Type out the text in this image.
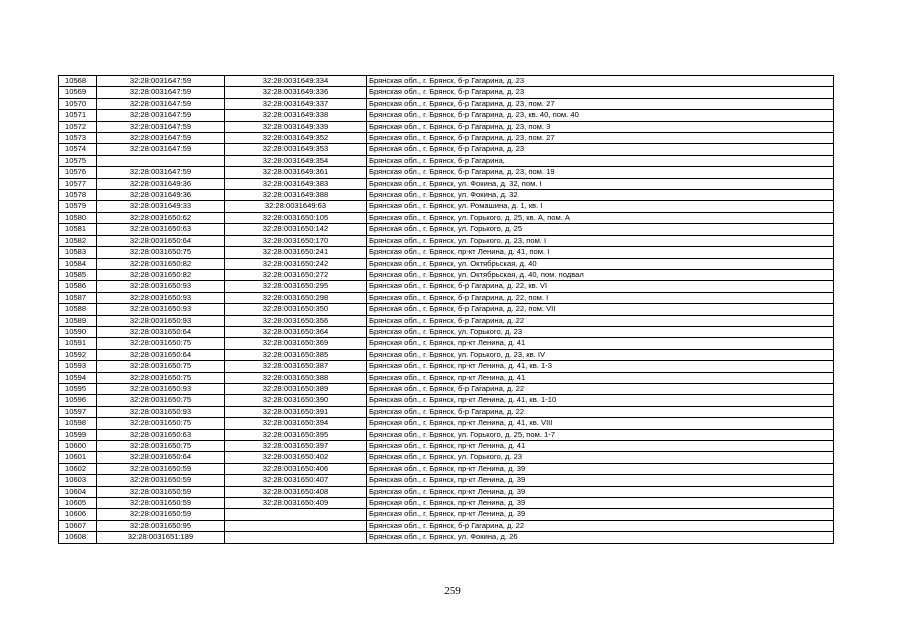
10568	32:28:0031647:59	32:28:0031649:334	Брянская обл., г. Брянск, б-р Гагарина, д. 23
10569	32:28:0031647:59	32:28:0031649:336	Брянская обл., г. Брянск, б-р Гагарина, д. 23
10570	32:28:0031647:59	32:28:0031649:337	Брянская обл., г. Брянск, б-р Гагарина, д. 23, пом. 27
10571	32:28:0031647:59	32:28:0031649:338	Брянская обл., г. Брянск, б-р Гагарина, д. 23, кв. 40, пом. 40
10572	32:28:0031647:59	32:28:0031649:339	Брянская обл., г. Брянск, б-р Гагарина, д. 23, пом. 3
10573	32:28:0031647:59	32:28:0031649:352	Брянская обл., г. Брянск, б-р Гагарина, д. 23, пом. 27
10574	32:28:0031647:59	32:28:0031649:353	Брянская обл., г. Брянск, б-р Гагарина, д. 23
10575		32:28:0031649:354	Брянская обл., г. Брянск, б-р Гагарина,
10576	32:28:0031647:59	32:28:0031649:361	Брянская обл., г. Брянск, б-р Гагарина, д. 23, пом. 19
10577	32:28:0031649:36	32:28:0031649:383	Брянская обл., г. Брянск, ул. Фокина, д. 32, пом. I
10578	32:28:0031649:36	32:28:0031649:388	Брянская обл., г. Брянск, ул. Фокина, д. 32
10579	32:28:0031649:33	32:28:0031649:63	Брянская обл., г. Брянск, ул. Ромашина, д. 1, кв. I
10580	32:28:0031650:62	32:28:0031650:105	Брянская обл., г. Брянск, ул. Горького, д. 25, кв. А, пом. А
10581	32:28:0031650:63	32:28:0031650:142	Брянская обл., г. Брянск, ул. Горького, д. 25
10582	32:28:0031650:64	32:28:0031650:170	Брянская обл., г. Брянск, ул. Горького, д. 23, пом. I
10583	32:28:0031650:75	32:28:0031650:241	Брянская обл., г. Брянск, пр-кт Ленина, д. 41, пом. I
10584	32:28:0031650:82	32:28:0031650:242	Брянская обл., г. Брянск, ул. Октябрьская, д. 40
10585	32:28:0031650:82	32:28:0031650:272	Брянская обл., г. Брянск, ул. Октябрьская, д. 40, пом. подвал
10586	32:28:0031650:93	32:28:0031650:295	Брянская обл., г. Брянск, б-р Гагарина, д. 22, кв. VI
10587	32:28:0031650:93	32:28:0031650:298	Брянская обл., г. Брянск, б-р Гагарина, д. 22, пом. I
10588	32:28:0031650:93	32:28:0031650:350	Брянская обл., г. Брянск, б-р Гагарина, д. 22, пом. VII
10589	32:28:0031650:93	32:28:0031650:356	Брянская обл., г. Брянск, б-р Гагарина, д. 22
10590	32:28:0031650:64	32:28:0031650:364	Брянская обл., г. Брянск, ул. Горького, д. 23
10591	32:28:0031650:75	32:28:0031650:369	Брянская обл., г. Брянск, пр-кт Ленина, д. 41
10592	32:28:0031650:64	32:28:0031650:385	Брянская обл., г. Брянск, ул. Горького, д. 23, кв. IV
10593	32:28:0031650:75	32:28:0031650:387	Брянская обл., г. Брянск, пр-кт Ленина, д. 41, кв. 1-3
10594	32:28:0031650:75	32:28:0031650:388	Брянская обл., г. Брянск, пр-кт Ленина, д. 41
10595	32:28:0031650:93	32:28:0031650:389	Брянская обл., г. Брянск, б-р Гагарина, д. 22
10596	32:28:0031650:75	32:28:0031650:390	Брянская обл., г. Брянск, пр-кт Ленина, д. 41, кв. 1-10
10597	32:28:0031650:93	32:28:0031650:391	Брянская обл., г. Брянск, б-р Гагарина, д. 22
10598	32:28:0031650:75	32:28:0031650:394	Брянская обл., г. Брянск, пр-кт Ленина, д. 41, кв. VIII
10599	32:28:0031650:63	32:28:0031650:395	Брянская обл., г. Брянск, ул. Горького, д. 25, пом. 1-7
10600	32:28:0031650:75	32:28:0031650:397	Брянская обл., г. Брянск, пр-кт Ленина, д. 41
10601	32:28:0031650:64	32:28:0031650:402	Брянская обл., г. Брянск, ул. Горького, д. 23
10602	32:28:0031650:59	32:28:0031650:406	Брянская обл., г. Брянск, пр-кт Ленина, д. 39
10603	32:28:0031650:59	32:28:0031650:407	Брянская обл., г. Брянск, пр-кт Ленина, д. 39
10604	32:28:0031650:59	32:28:0031650:408	Брянская обл., г. Брянск, пр-кт Ленина, д. 39
10605	32:28:0031650:59	32:28:0031650:409	Брянская обл., г. Брянск, пр-кт Ленина, д. 39
10606	32:28:0031650:59		Брянская обл., г. Брянск, пр-кт Ленина, д. 39
10607	32:28:0031650:95		Брянская обл., г. Брянск, б-р Гагарина, д. 22
10608	32:28:0031651:189		Брянская обл., г. Брянск, ул. Фокина, д. 26
259
